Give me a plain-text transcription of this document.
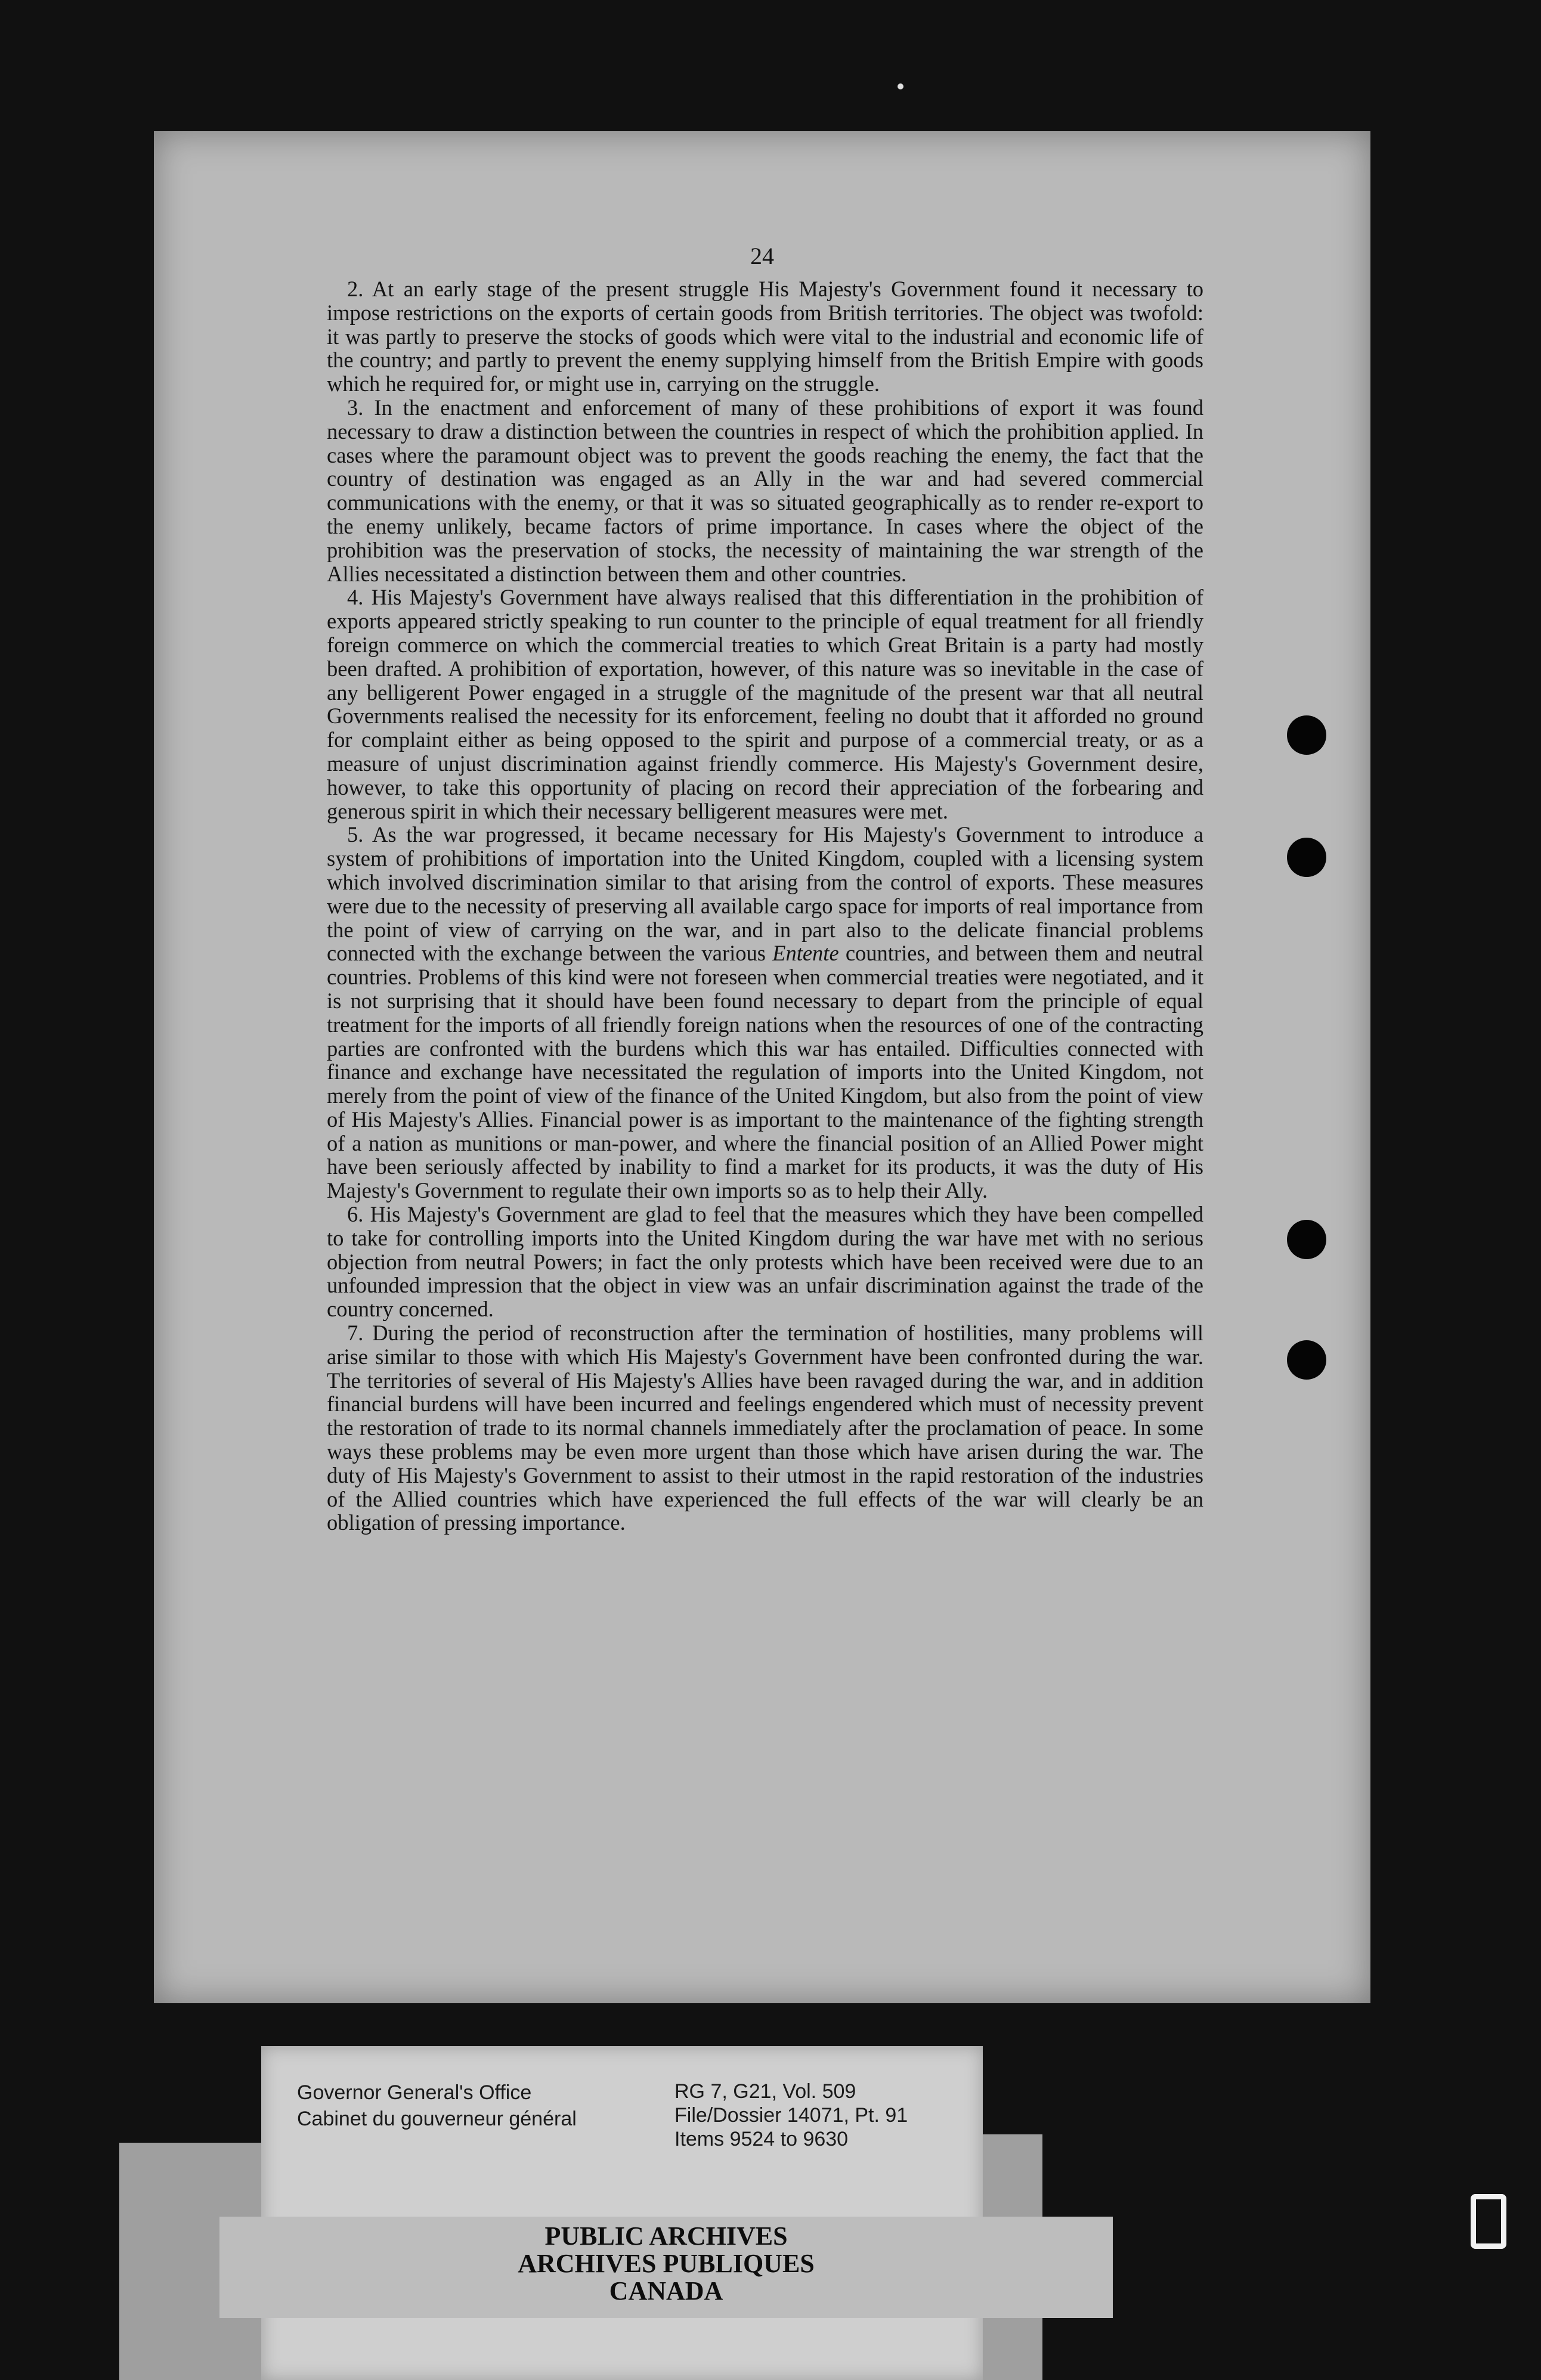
24

2. At an early stage of the present struggle His Majesty's Government found it necessary to impose restrictions on the exports of certain goods from British territories. The object was twofold: it was partly to preserve the stocks of goods which were vital to the industrial and economic life of the country; and partly to prevent the enemy supplying himself from the British Empire with goods which he required for, or might use in, carrying on the struggle.

3. In the enactment and enforcement of many of these prohibitions of export it was found necessary to draw a distinction between the countries in respect of which the prohibition applied. In cases where the paramount object was to prevent the goods reaching the enemy, the fact that the country of destination was engaged as an Ally in the war and had severed commercial communications with the enemy, or that it was so situated geographically as to render re-export to the enemy unlikely, became factors of prime importance. In cases where the object of the prohibition was the preservation of stocks, the necessity of maintaining the war strength of the Allies necessitated a distinction between them and other countries.

4. His Majesty's Government have always realised that this differentiation in the prohibition of exports appeared strictly speaking to run counter to the principle of equal treatment for all friendly foreign commerce on which the commercial treaties to which Great Britain is a party had mostly been drafted. A prohibition of exportation, however, of this nature was so inevitable in the case of any belligerent Power engaged in a struggle of the magnitude of the present war that all neutral Governments realised the necessity for its enforcement, feeling no doubt that it afforded no ground for complaint either as being opposed to the spirit and purpose of a commercial treaty, or as a measure of unjust discrimination against friendly commerce. His Majesty's Government desire, however, to take this opportunity of placing on record their appreciation of the forbearing and generous spirit in which their necessary belligerent measures were met.

5. As the war progressed, it became necessary for His Majesty's Government to introduce a system of prohibitions of importation into the United Kingdom, coupled with a licensing system which involved discrimination similar to that arising from the control of exports. These measures were due to the necessity of preserving all available cargo space for imports of real importance from the point of view of carrying on the war, and in part also to the delicate financial problems connected with the exchange between the various Entente countries, and between them and neutral countries. Problems of this kind were not foreseen when commercial treaties were negotiated, and it is not surprising that it should have been found necessary to depart from the principle of equal treatment for the imports of all friendly foreign nations when the resources of one of the contracting parties are confronted with the burdens which this war has entailed. Difficulties connected with finance and exchange have necessitated the regulation of imports into the United Kingdom, not merely from the point of view of the finance of the United Kingdom, but also from the point of view of His Majesty's Allies. Financial power is as important to the maintenance of the fighting strength of a nation as munitions or man-power, and where the financial position of an Allied Power might have been seriously affected by inability to find a market for its products, it was the duty of His Majesty's Government to regulate their own imports so as to help their Ally.

6. His Majesty's Government are glad to feel that the measures which they have been compelled to take for controlling imports into the United Kingdom during the war have met with no serious objection from neutral Powers; in fact the only protests which have been received were due to an unfounded impression that the object in view was an unfair discrimination against the trade of the country concerned.

7. During the period of reconstruction after the termination of hostilities, many problems will arise similar to those with which His Majesty's Government have been confronted during the war. The territories of several of His Majesty's Allies have been ravaged during the war, and in addition financial burdens will have been incurred and feelings engendered which must of necessity prevent the restoration of trade to its normal channels immediately after the proclamation of peace. In some ways these problems may be even more urgent than those which have arisen during the war. The duty of His Majesty's Government to assist to their utmost in the rapid restoration of the industries of the Allied countries which have experienced the full effects of the war will clearly be an obligation of pressing importance.

Governor General's Office
Cabinet du gouverneur général
RG 7, G21, Vol. 509
File/Dossier 14071, Pt. 91
Items 9524 to 9630
PUBLIC ARCHIVES
ARCHIVES PUBLIQUES
CANADA
